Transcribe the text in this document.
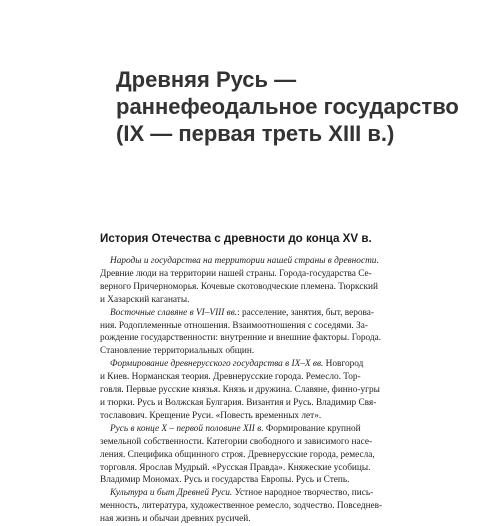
Древняя Русь —
раннефеодальное государство
(IX — первая треть XIII в.)
История Отечества с древности до конца XV в.
Народы и государства на территории нашей страны в древности.
Древние люди на территории нашей страны. Города-государства Се-
верного Причерноморья. Кочевые скотоводческие племена. Тюркский
и Хазарский каганаты.
Восточные славяне в VI–VIII вв.: расселение, занятия, быт, верова-
ния. Родоплеменные отношения. Взаимоотношения с соседями. За-
рождение государственности: внутренние и внешние факторы. Города.
Становление территориальных общин.
Формирование древнерусского государства в IX–X вв. Новгород
и Киев. Норманская теория. Древнерусские города. Ремесло. Тор-
говля. Первые русские князья. Князь и дружина. Славяне, финно-угры
и тюрки. Русь и Волжская Булгария. Византия и Русь. Владимир Свя-
тославович. Крещение Руси. «Повесть временных лет».
Русь в конце X – первой половине XII в. Формирование крупной
земельной собственности. Категории свободного и зависимого насе-
ления. Специфика общинного строя. Древнерусские города, ремесла,
торговля. Ярослав Мудрый. «Русская Правда». Княжеские усобицы.
Владимир Мономах. Русь и государства Европы. Русь и Степь.
Культура и быт Древней Руси. Устное народное творчество, пись-
менность, литература, художественное ремесло, зодчество. Повседнев-
ная жизнь и обычаи древних русичей.
